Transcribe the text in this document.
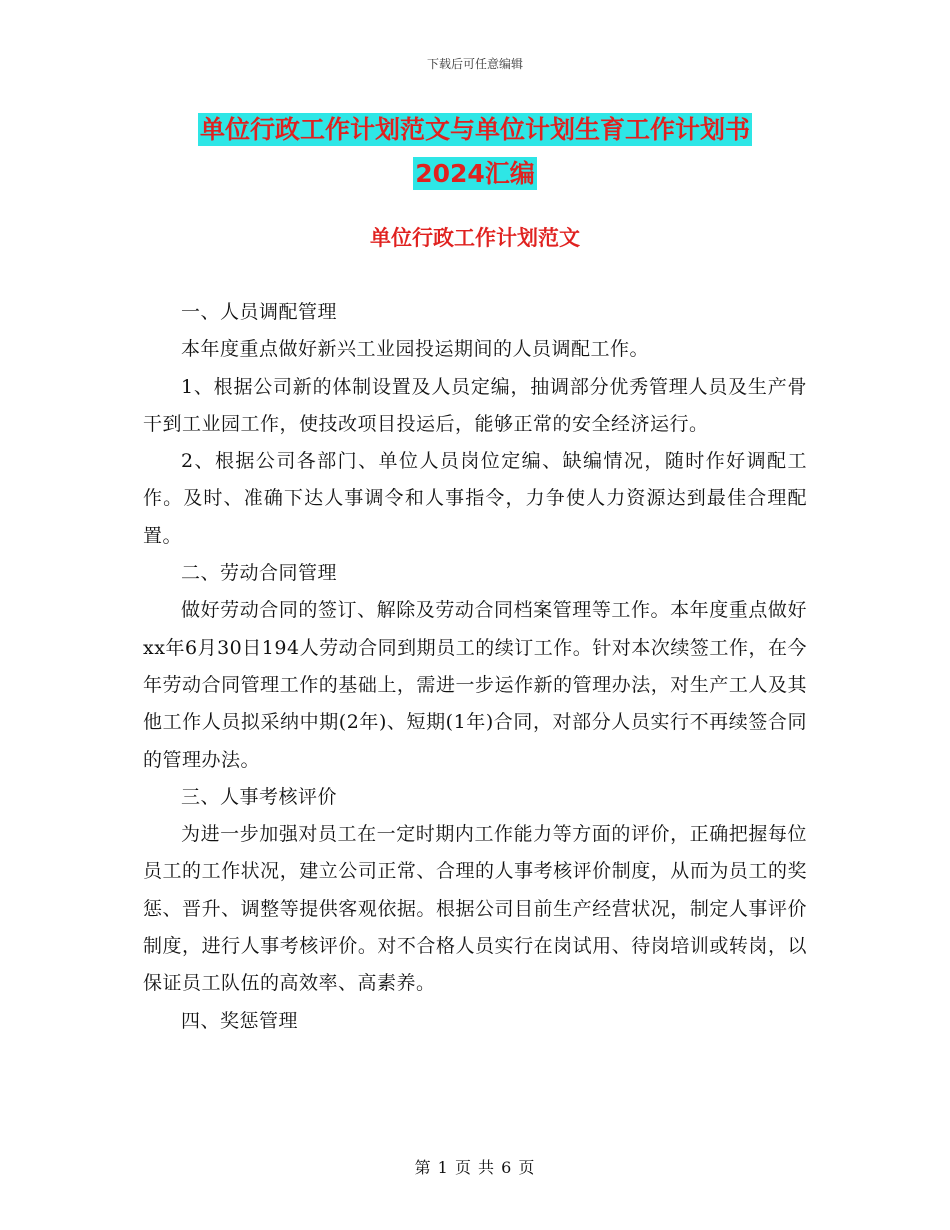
下载后可任意编辑
单位行政工作计划范文与单位计划生育工作计划书
2024汇编
单位行政工作计划范文

一、人员调配管理

本年度重点做好新兴工业园投运期间的人员调配工作。

1、根据公司新的体制设置及人员定编，抽调部分优秀管理人员及生产骨干到工业园工作，使技改项目投运后，能够正常的安全经济运行。

2、根据公司各部门、单位人员岗位定编、缺编情况，随时作好调配工作。及时、准确下达人事调令和人事指令，力争使人力资源达到最佳合理配置。

二、劳动合同管理

做好劳动合同的签订、解除及劳动合同档案管理等工作。本年度重点做好xx年6月30日194人劳动合同到期员工的续订工作。针对本次续签工作，在今年劳动合同管理工作的基础上，需进一步运作新的管理办法，对生产工人及其他工作人员拟采纳中期(2年)、短期(1年)合同，对部分人员实行不再续签合同的管理办法。

三、人事考核评价

为进一步加强对员工在一定时期内工作能力等方面的评价，正确把握每位员工的工作状况，建立公司正常、合理的人事考核评价制度，从而为员工的奖惩、晋升、调整等提供客观依据。根据公司目前生产经营状况，制定人事评价制度，进行人事考核评价。对不合格人员实行在岗试用、待岗培训或转岗，以保证员工队伍的高效率、高素养。

四、奖惩管理

第 1 页 共 6 页
